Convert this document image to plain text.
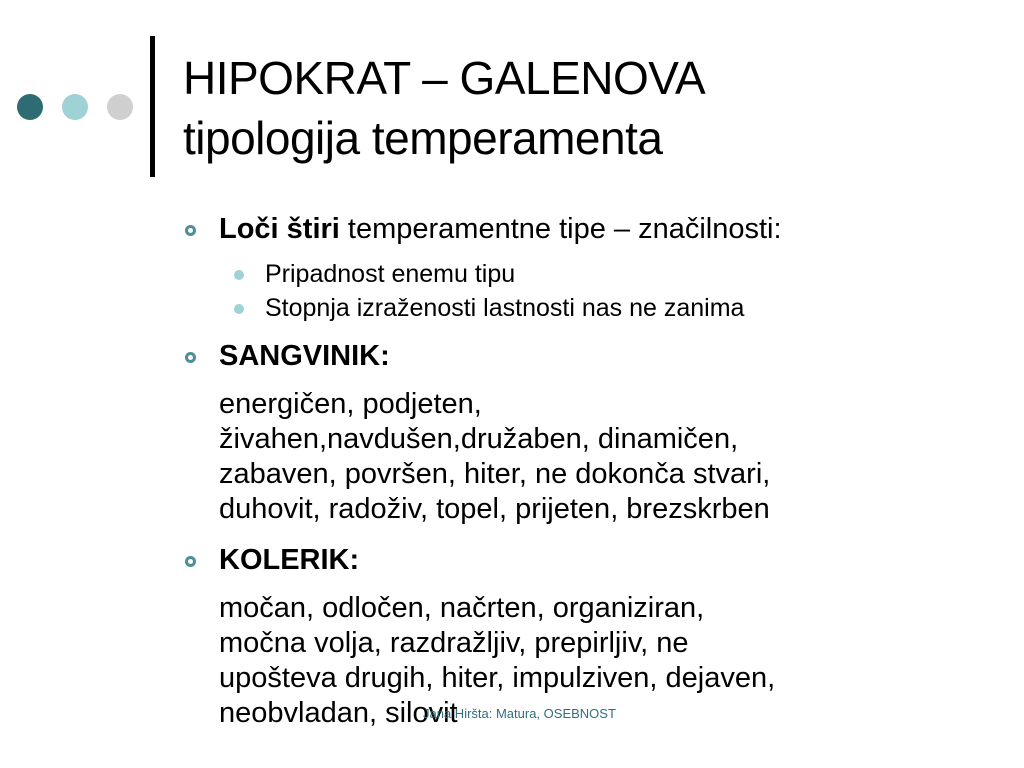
HIPOKRAT – GALENOVA
tipologija temperamenta
Loči štiri temperamentne tipe – značilnosti:
Pripadnost enemu tipu
Stopnja izraženosti lastnosti nas ne zanima
SANGVINIK:
energičen, podjeten,
živahen,navdušen,družaben, dinamičen,
zabaven, površen, hiter, ne dokonča stvari,
duhovit, radoživ, topel, prijeten, brezskrben
KOLERIK:
močan, odločen, načrten, organiziran,
močna volja, razdražljiv, prepirljiv, ne
upošteva drugih, hiter, impulziven, dejaven,
neobvladan, silovit
Jana Hiršta: Matura, OSEBNOST
